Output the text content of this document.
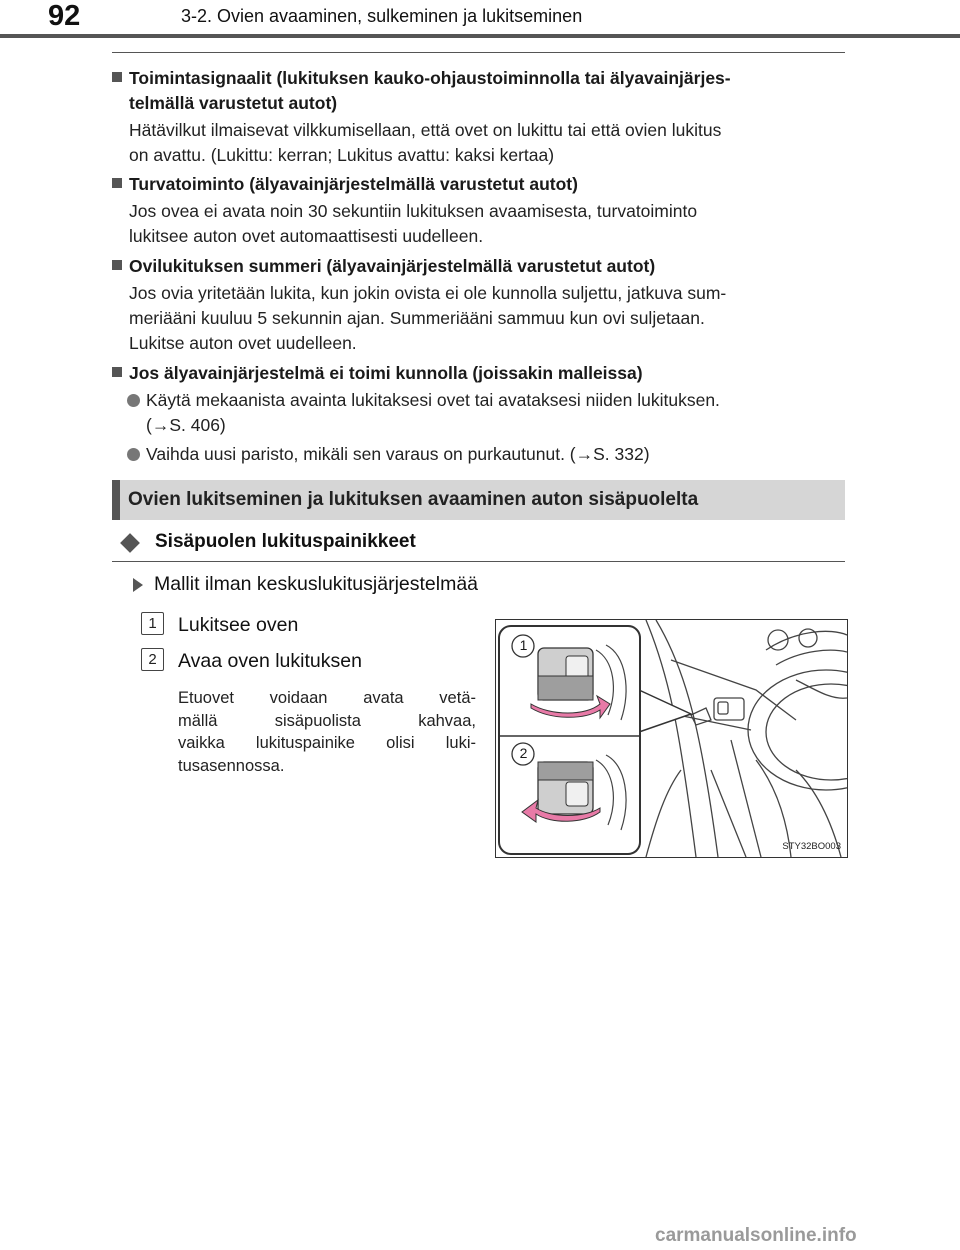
92	3-2. Ovien avaaminen, sulkeminen ja lukitseminen
Toimintasignaalit (lukituksen kauko-ohjaustoiminnolla tai älyavainjärjes-
telmällä varustetut autot)
Hätävilkut ilmaisevat vilkkumisellaan, että ovet on lukittu tai että ovien lukitus
on avattu. (Lukittu: kerran; Lukitus avattu: kaksi kertaa)
Turvatoiminto (älyavainjärjestelmällä varustetut autot)
Jos ovea ei avata noin 30 sekuntiin lukituksen avaamisesta, turvatoiminto
lukitsee auton ovet automaattisesti uudelleen.
Ovilukituksen summeri (älyavainjärjestelmällä varustetut autot)
Jos ovia yritetään lukita, kun jokin ovista ei ole kunnolla suljettu, jatkuva sum-
meriääni kuuluu 5 sekunnin ajan. Summeriääni sammuu kun ovi suljetaan.
Lukitse auton ovet uudelleen.
Jos älyavainjärjestelmä ei toimi kunnolla (joissakin malleissa)
Käytä mekaanista avainta lukitaksesi ovet tai avataksesi niiden lukituksen.
(→S. 406)
Vaihda uusi paristo, mikäli sen varaus on purkautunut. (→S. 332)
Ovien lukitseminen ja lukituksen avaaminen auton sisäpuolelta
Sisäpuolen lukituspainikkeet
Mallit ilman keskuslukitusjärjestelmää
1	Lukitsee oven
2	Avaa oven lukituksen
Etuovet voidaan avata vetä-
mällä sisäpuolista kahvaa,
vaikka lukituspainike olisi luki-
tusasennossa.
1
2
STY32BO003
carmanualsonline.info
